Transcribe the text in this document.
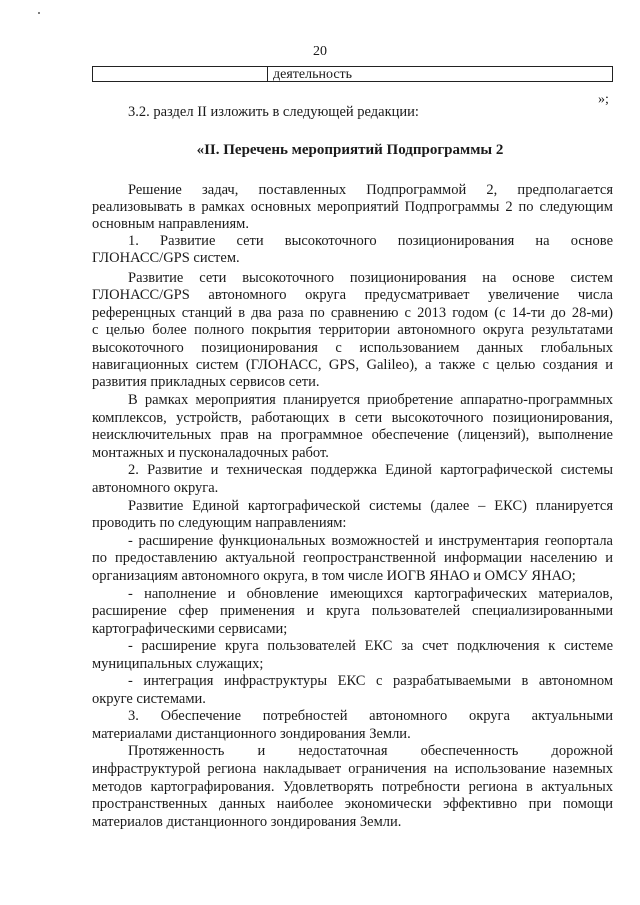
20
деятельность
»;
3.2. раздел II изложить в следующей редакции:
«II. Перечень мероприятий Подпрограммы 2
Решение задач, поставленных Подпрограммой 2, предполагается
реализовывать в рамках основных мероприятий Подпрограммы 2 по следующим
основным направлениям.
1. Развитие сети высокоточного позиционирования на основе
ГЛОНАСС/GPS систем.
Развитие сети высокоточного позиционирования на основе систем
ГЛОНАСС/GPS автономного округа предусматривает увеличение числа
референцных станций в два раза по сравнению с 2013 годом (с 14-ти до 28-ми)
с целью более полного покрытия территории автономного округа результатами
высокоточного позиционирования с использованием данных глобальных
навигационных систем (ГЛОНАСС, GPS, Galileo), а также с целью создания и
развития прикладных сервисов сети.
В рамках мероприятия планируется приобретение аппаратно-программных
комплексов, устройств, работающих в сети высокоточного позиционирования,
неисключительных прав на программное обеспечение (лицензий), выполнение
монтажных и пусконаладочных работ.
2. Развитие и техническая поддержка Единой картографической системы
автономного округа.
Развитие Единой картографической системы (далее – ЕКС) планируется
проводить по следующим направлениям:
- расширение функциональных возможностей и инструментария геопортала
по предоставлению актуальной геопространственной информации населению и
организациям автономного округа, в том числе ИОГВ ЯНАО и ОМСУ ЯНАО;
- наполнение и обновление имеющихся картографических материалов,
расширение сфер применения и круга пользователей специализированными
картографическими сервисами;
- расширение круга пользователей ЕКС за счет подключения к системе
муниципальных служащих;
- интеграция инфраструктуры ЕКС с разрабатываемыми в автономном
округе системами.
3. Обеспечение потребностей автономного округа актуальными
материалами дистанционного зондирования Земли.
Протяженность и недостаточная обеспеченность дорожной
инфраструктурой региона накладывает ограничения на использование наземных
методов картографирования. Удовлетворять потребности региона в актуальных
пространственных данных наиболее экономически эффективно при помощи
материалов дистанционного зондирования Земли.
